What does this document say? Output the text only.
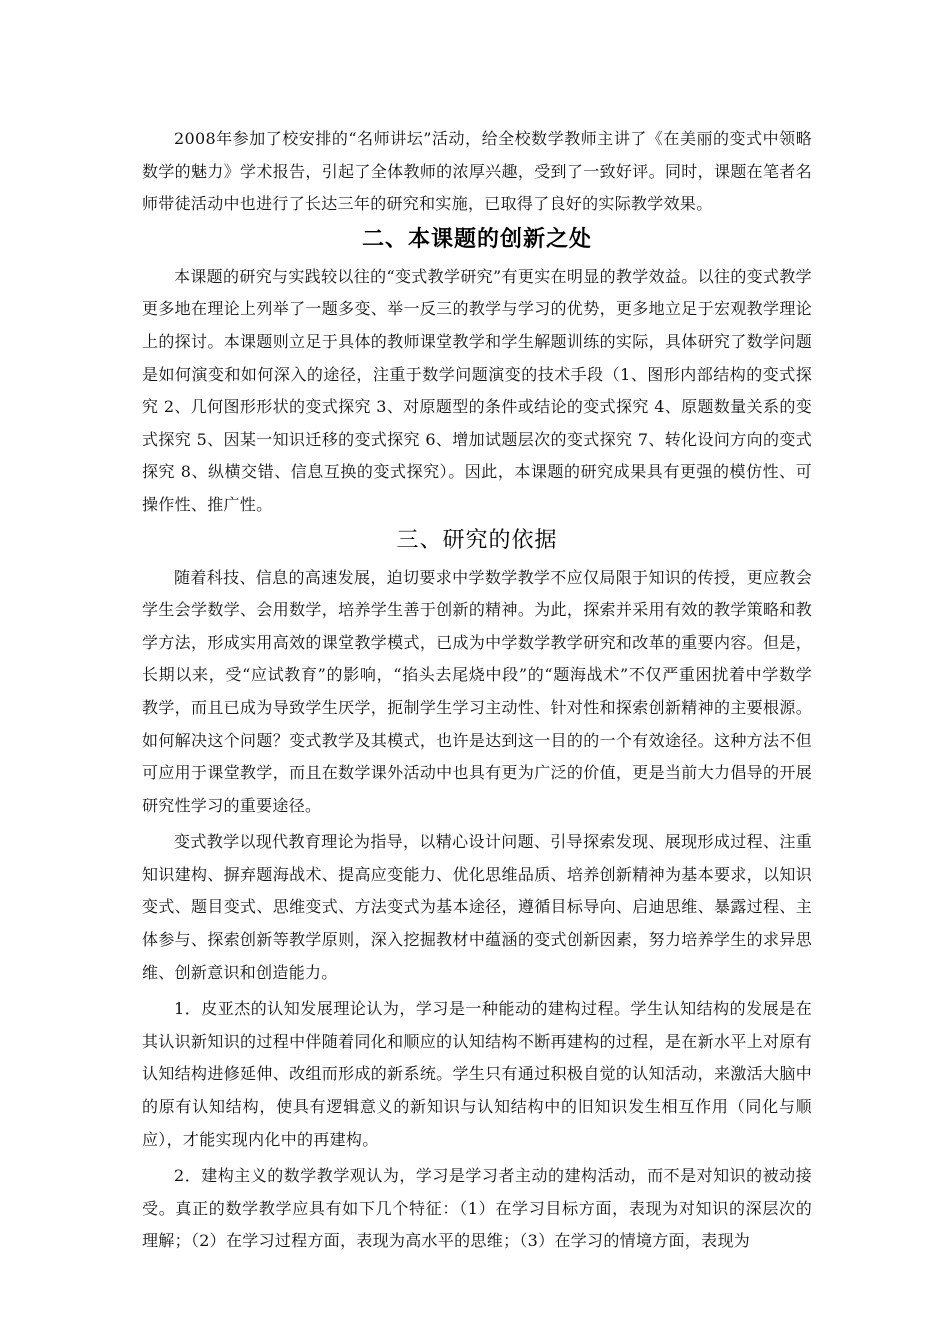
2008年参加了校安排的“名师讲坛”活动，给全校数学教师主讲了《在美丽的变式中领略数学的魅力》学术报告，引起了全体教师的浓厚兴趣，受到了一致好评。同时，课题在笔者名师带徒活动中也进行了长达三年的研究和实施，已取得了良好的实际教学效果。

二、本课题的创新之处

本课题的研究与实践较以往的“变式教学研究”有更实在明显的教学效益。以往的变式教学更多地在理论上列举了一题多变、举一反三的教学与学习的优势，更多地立足于宏观教学理论上的探讨。本课题则立足于具体的教师课堂教学和学生解题训练的实际，具体研究了数学问题是如何演变和如何深入的途径，注重于数学问题演变的技术手段（1、图形内部结构的变式探究 2、几何图形形状的变式探究 3、对原题型的条件或结论的变式探究 4、原题数量关系的变式探究 5、因某一知识迁移的变式探究 6、增加试题层次的变式探究 7、转化设问方向的变式探究 8、纵横交错、信息互换的变式探究）。因此，本课题的研究成果具有更强的模仿性、可操作性、推广性。

三、研究的依据

随着科技、信息的高速发展，迫切要求中学数学教学不应仅局限于知识的传授，更应教会学生会学数学、会用数学，培养学生善于创新的精神。为此，探索并采用有效的教学策略和教学方法，形成实用高效的课堂教学模式，已成为中学数学教学研究和改革的重要内容。但是，长期以来，受“应试教育”的影响，“掐头去尾烧中段”的“题海战术”不仅严重困扰着中学数学教学，而且已成为导致学生厌学，扼制学生学习主动性、针对性和探索创新精神的主要根源。如何解决这个问题？变式教学及其模式，也许是达到这一目的的一个有效途径。这种方法不但可应用于课堂教学，而且在数学课外活动中也具有更为广泛的价值，更是当前大力倡导的开展研究性学习的重要途径。

变式教学以现代教育理论为指导，以精心设计问题、引导探索发现、展现形成过程、注重知识建构、摒弃题海战术、提高应变能力、优化思维品质、培养创新精神为基本要求，以知识变式、题目变式、思维变式、方法变式为基本途径，遵循目标导向、启迪思维、暴露过程、主体参与、探索创新等教学原则，深入挖掘教材中蕴涵的变式创新因素，努力培养学生的求异思维、创新意识和创造能力。

1．皮亚杰的认知发展理论认为，学习是一种能动的建构过程。学生认知结构的发展是在其认识新知识的过程中伴随着同化和顺应的认知结构不断再建构的过程，是在新水平上对原有认知结构进修延伸、改组而形成的新系统。学生只有通过积极自觉的认知活动，来激活大脑中的原有认知结构，使具有逻辑意义的新知识与认知结构中的旧知识发生相互作用（同化与顺应），才能实现内化中的再建构。

2．建构主义的数学教学观认为，学习是学习者主动的建构活动，而不是对知识的被动接受。真正的数学教学应具有如下几个特征：（1）在学习目标方面，表现为对知识的深层次的理解；（2）在学习过程方面，表现为高水平的思维；（3）在学习的情境方面，表现为
